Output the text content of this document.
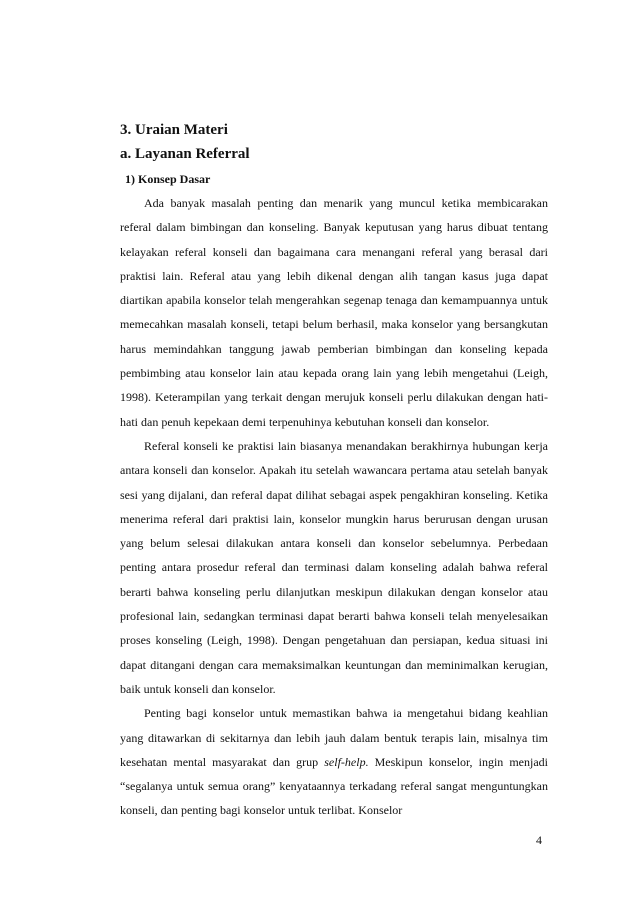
3. Uraian Materi
a. Layanan Referral
1) Konsep Dasar

Ada banyak masalah penting dan menarik yang muncul ketika membicarakan referal dalam bimbingan dan konseling. Banyak keputusan yang harus dibuat tentang kelayakan referal konseli dan bagaimana cara menangani referal yang berasal dari praktisi lain. Referal atau yang lebih dikenal dengan alih tangan kasus juga dapat diartikan apabila konselor telah mengerahkan segenap tenaga dan kemampuannya untuk memecahkan masalah konseli, tetapi belum berhasil, maka konselor yang bersangkutan harus memindahkan tanggung jawab pemberian bimbingan dan konseling kepada pembimbing atau konselor lain atau kepada orang lain yang lebih mengetahui (Leigh, 1998). Keterampilan yang terkait dengan merujuk konseli perlu dilakukan dengan hati-hati dan penuh kepekaan demi terpenuhinya kebutuhan konseli dan konselor.

Referal konseli ke praktisi lain biasanya menandakan berakhirnya hubungan kerja antara konseli dan konselor. Apakah itu setelah wawancara pertama atau setelah banyak sesi yang dijalani, dan referal dapat dilihat sebagai aspek pengakhiran konseling. Ketika menerima referal dari praktisi lain, konselor mungkin harus berurusan dengan urusan yang belum selesai dilakukan antara konseli dan konselor sebelumnya. Perbedaan penting antara prosedur referal dan terminasi dalam konseling adalah bahwa referal berarti bahwa konseling perlu dilanjutkan meskipun dilakukan dengan konselor atau profesional lain, sedangkan terminasi dapat berarti bahwa konseli telah menyelesaikan proses konseling (Leigh, 1998). Dengan pengetahuan dan persiapan, kedua situasi ini dapat ditangani dengan cara memaksimalkan keuntungan dan meminimalkan kerugian, baik untuk konseli dan konselor.

Penting bagi konselor untuk memastikan bahwa ia mengetahui bidang keahlian yang ditawarkan di sekitarnya dan lebih jauh dalam bentuk terapis lain, misalnya tim kesehatan mental masyarakat dan grup self-help. Meskipun konselor, ingin menjadi “segalanya untuk semua orang” kenyataannya terkadang referal sangat menguntungkan konseli, dan penting bagi konselor untuk terlibat. Konselor

4
